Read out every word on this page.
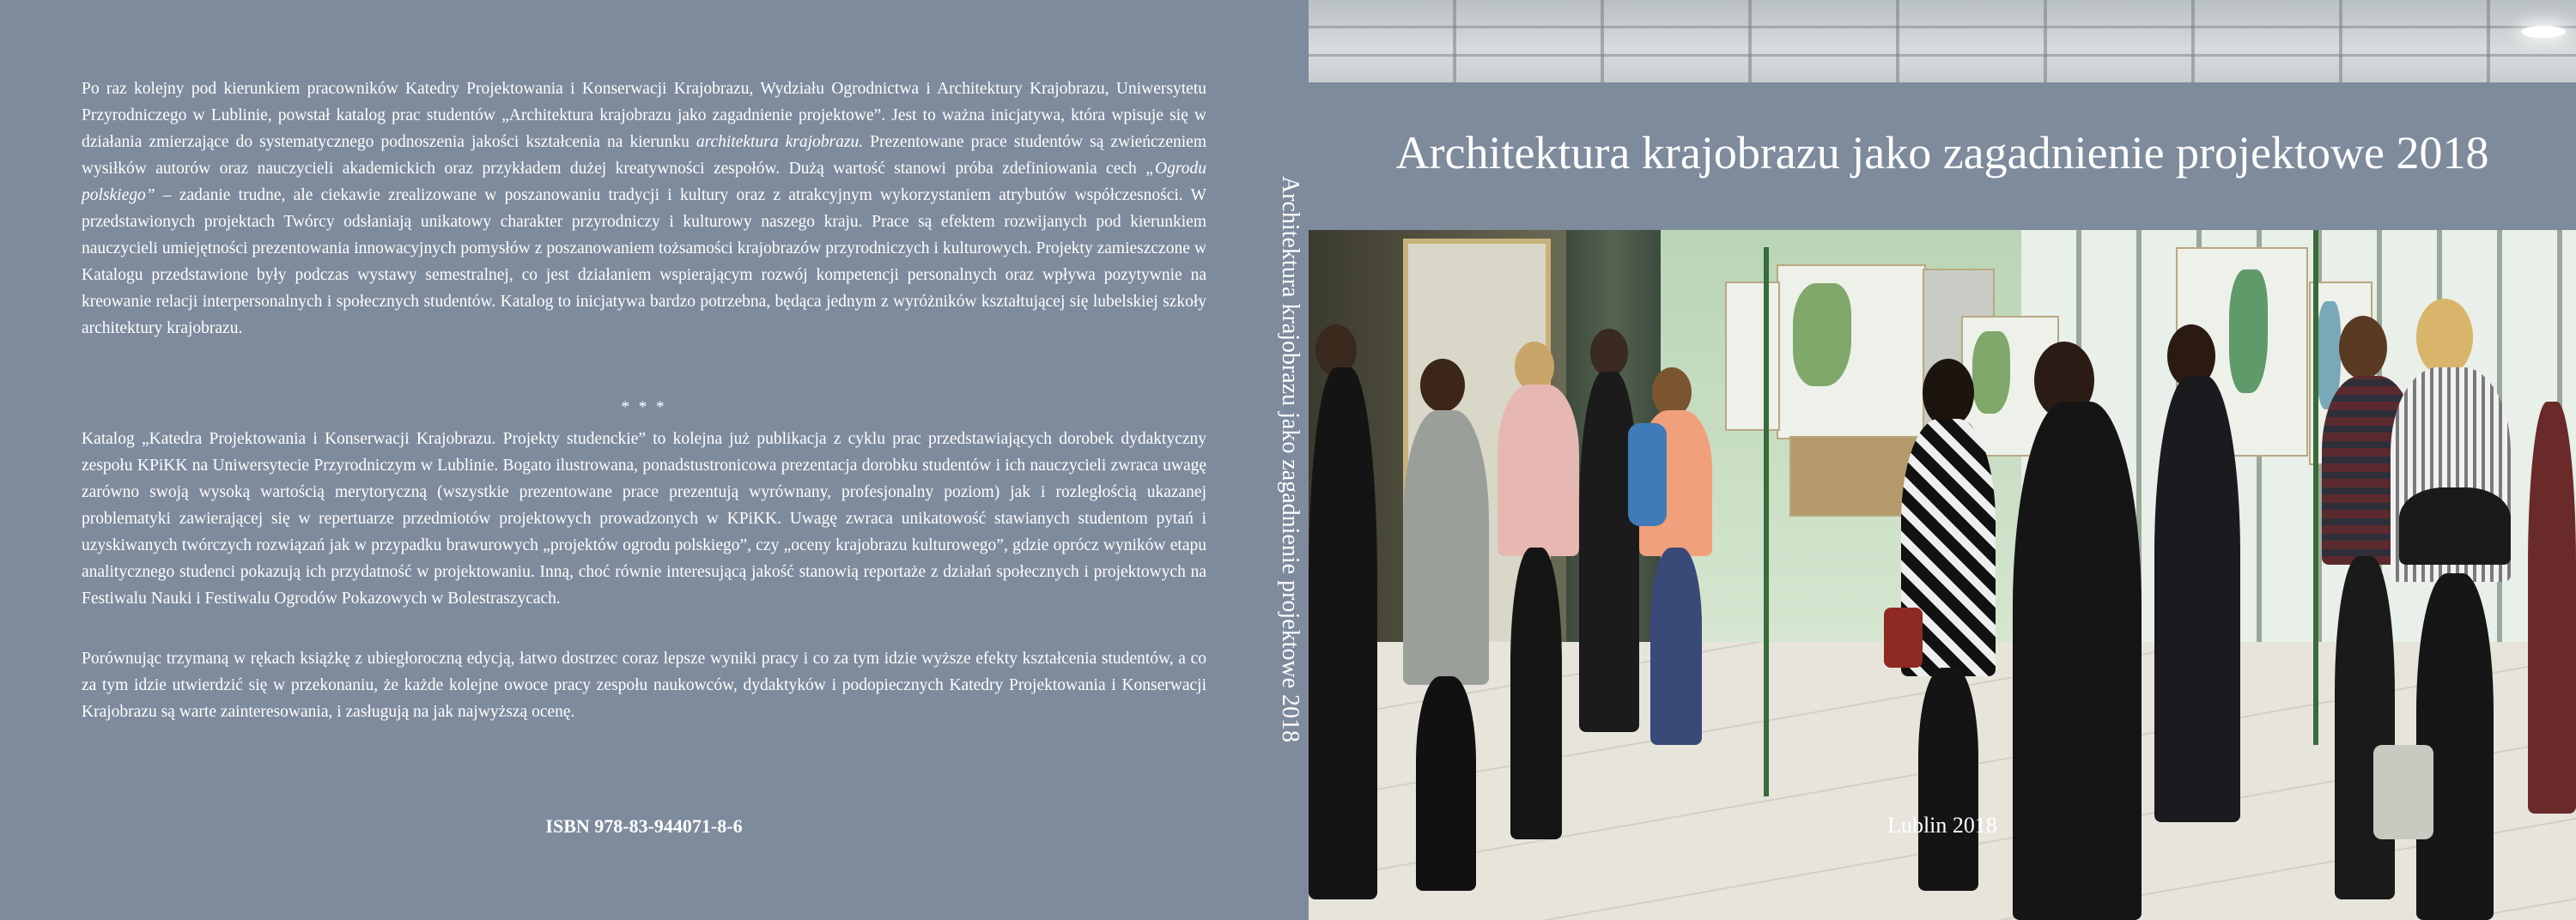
Po raz kolejny pod kierunkiem pracowników Katedry Projektowania i Konserwacji Krajobrazu, Wydziału Ogrodnictwa i Architektury Krajobrazu, Uniwersytetu Przyrodniczego w Lublinie, powstał katalog prac studentów „Architektura krajobrazu jako zagadnienie projektowe”. Jest to ważna inicjatywa, która wpisuje się w działania zmierzające do systematycznego podnoszenia jakości kształcenia na kierunku architektura krajobrazu. Prezentowane prace studentów są zwieńczeniem wysiłków autorów oraz nauczycieli akademickich oraz przykładem dużej kreatywności zespołów. Dużą wartość stanowi próba zdefiniowania cech „Ogrodu polskiego” – zadanie trudne, ale ciekawie zrealizowane w poszanowaniu tradycji i kultury oraz z atrakcyjnym wykorzystaniem atrybutów współczesności. W przedstawionych projektach Twórcy odsłaniają unikatowy charakter przyrodniczy i kulturowy naszego kraju. Prace są efektem rozwijanych pod kierunkiem nauczycieli umiejętności prezentowania innowacyjnych pomysłów z poszanowaniem tożsamości krajobrazów przyrodniczych i kulturowych. Projekty zamieszczone w Katalogu przedstawione były podczas wystawy semestralnej, co jest działaniem wspierającym rozwój kompetencji personalnych oraz wpływa pozytywnie na kreowanie relacji interpersonalnych i społecznych studentów. Katalog to inicjatywa bardzo potrzebna, będąca jednym z wyróżników kształtującej się lubelskiej szkoły architektury krajobrazu.

* * *

Katalog „Katedra Projektowania i Konserwacji Krajobrazu. Projekty studenckie” to kolejna już publikacja z cyklu prac przedstawiających dorobek dydaktyczny zespołu KPiKK na Uniwersytecie Przyrodniczym w Lublinie. Bogato ilustrowana, ponadstustronicowa prezentacja dorobku studentów i ich nauczycieli zwraca uwagę zarówno swoją wysoką wartością merytoryczną (wszystkie prezentowane prace prezentują wyrównany, profesjonalny poziom) jak i rozległością ukazanej problematyki zawierającej się w repertuarze przedmiotów projektowych prowadzonych w KPiKK. Uwagę zwraca unikatowość stawianych studentom pytań i uzyskiwanych twórczych rozwiązań jak w przypadku brawurowych „projektów ogrodu polskiego”, czy „oceny krajobrazu kulturowego”, gdzie oprócz wyników etapu analitycznego studenci pokazują ich przydatność w projektowaniu. Inną, choć równie interesującą jakość stanowią reportaże z działań społecznych i projektowych na Festiwalu Nauki i Festiwalu Ogrodów Pokazowych w Bolestraszycach.

Porównując trzymaną w rękach książkę z ubiegłoroczną edycją, łatwo dostrzec coraz lepsze wyniki pracy i co za tym idzie wyższe efekty kształcenia studentów, a co za tym idzie utwierdzić się w przekonaniu, że każde kolejne owoce pracy zespołu naukowców, dydaktyków i podopiecznych Katedry Projektowania i Konserwacji Krajobrazu są warte zainteresowania, i zasługują na jak najwyższą ocenę.

ISBN 978-83-944071-8-6
Architektura krajobrazu jako zagadnienie projektowe 2018
Architektura krajobrazu jako zagadnienie projektowe 2018
Lublin 2018
